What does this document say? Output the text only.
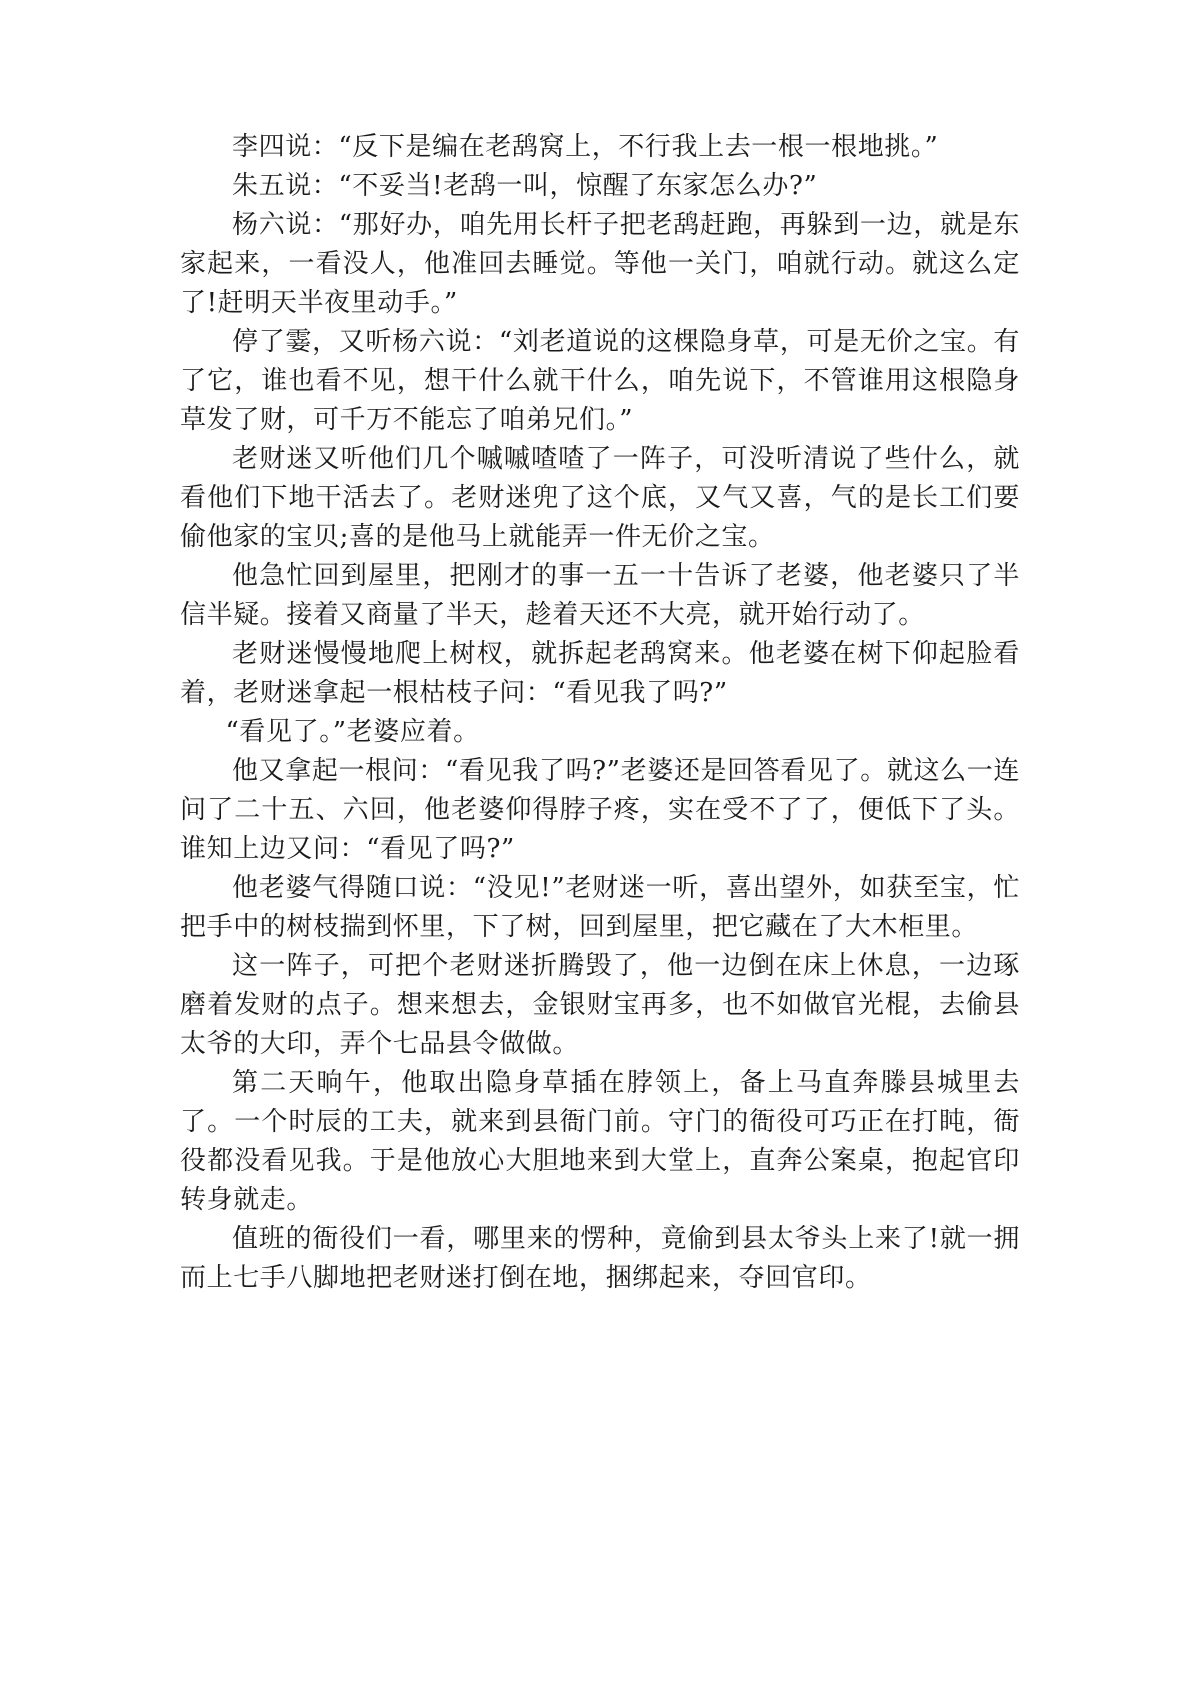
李四说：“反下是编在老鸹窝上，不行我上去一根一根地挑。”

朱五说：“不妥当!老鸹一叫，惊醒了东家怎么办?”

杨六说：“那好办，咱先用长杆子把老鸹赶跑，再躲到一边，就是东家起来，一看没人，他准回去睡觉。等他一关门，咱就行动。就这么定了!赶明天半夜里动手。”

停了霎，又听杨六说：“刘老道说的这棵隐身草，可是无价之宝。有了它，谁也看不见，想干什么就干什么，咱先说下，不管谁用这根隐身草发了财，可千万不能忘了咱弟兄们。”

老财迷又听他们几个嘁嘁喳喳了一阵子，可没听清说了些什么，就看他们下地干活去了。老财迷兜了这个底，又气又喜，气的是长工们要偷他家的宝贝;喜的是他马上就能弄一件无价之宝。

他急忙回到屋里，把刚才的事一五一十告诉了老婆，他老婆只了半信半疑。接着又商量了半天，趁着天还不大亮，就开始行动了。

老财迷慢慢地爬上树杈，就拆起老鸹窝来。他老婆在树下仰起脸看着，老财迷拿起一根枯枝子问：“看见我了吗?”

“看见了。”老婆应着。

他又拿起一根问：“看见我了吗?”老婆还是回答看见了。就这么一连问了二十五、六回，他老婆仰得脖子疼，实在受不了了，便低下了头。谁知上边又问：“看见了吗?”

他老婆气得随口说：“没见!”老财迷一听，喜出望外，如获至宝，忙把手中的树枝揣到怀里，下了树，回到屋里，把它藏在了大木柜里。

这一阵子，可把个老财迷折腾毁了，他一边倒在床上休息，一边琢磨着发财的点子。想来想去，金银财宝再多，也不如做官光棍，去偷县太爷的大印，弄个七品县令做做。

第二天晌午，他取出隐身草插在脖领上，备上马直奔滕县城里去了。一个时辰的工夫，就来到县衙门前。守门的衙役可巧正在打盹，衙役都没看见我。于是他放心大胆地来到大堂上，直奔公案桌，抱起官印转身就走。

值班的衙役们一看，哪里来的愣种，竟偷到县太爷头上来了!就一拥而上七手八脚地把老财迷打倒在地，捆绑起来，夺回官印。
